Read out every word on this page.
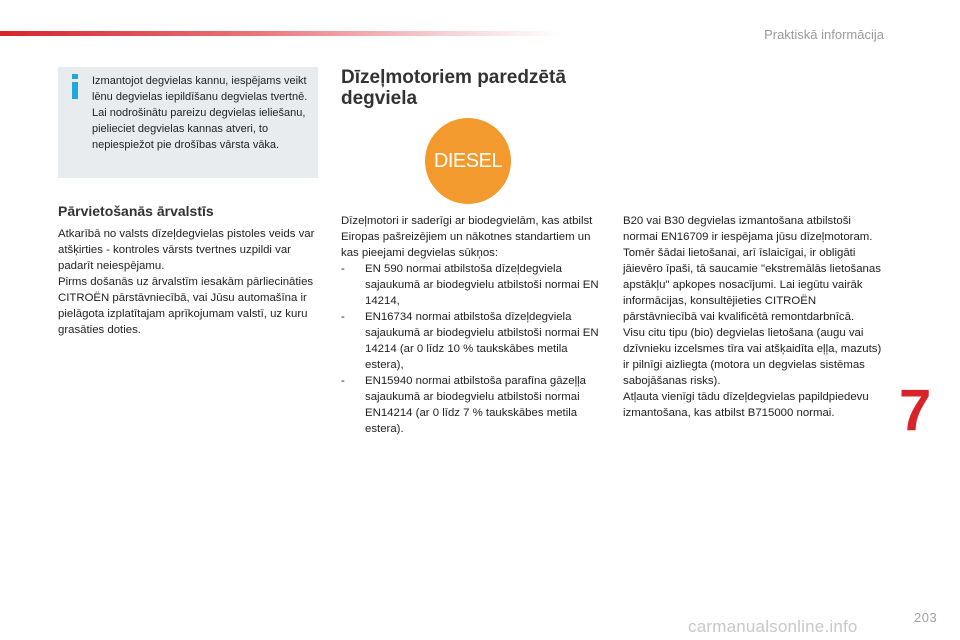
Praktiskā informācija

Izmantojot degvielas kannu, iespējams veikt lēnu degvielas iepildīšanu degvielas tvertnē.

Lai nodrošinātu pareizu degvielas ieliešanu, pielieciet degvielas kannas atveri, to nepiespiežot pie drošības vārsta vāka.

Pārvietošanās ārvalstīs

Atkarībā no valsts dīzeļdegvielas pistoles veids var atšķirties - kontroles vārsts tvertnes uzpildi var padarīt neiespējamu.

Pirms došanās uz ārvalstīm iesakām pārliecināties CITROËN pārstāvniecībā, vai Jūsu automašīna ir pielāgota izplatītajam aprīkojumam valstī, uz kuru grasāties doties.

Dīzeļmotoriem paredzētā
degviela
DIESEL

Dīzeļmotori ir saderīgi ar biodegvielām, kas atbilst Eiropas pašreizējiem un nākotnes standartiem un kas pieejami degvielas sūkņos:

- EN 590 normai atbilstoša dīzeļdegviela sajaukumā ar biodegvielu atbilstoši normai EN 14214,
- EN16734 normai atbilstoša dīzeļdegviela sajaukumā ar biodegvielu atbilstoši normai EN 14214 (ar 0 līdz 10 % taukskābes metila estera),
- EN15940 normai atbilstoša parafīna gāzeļļa sajaukumā ar biodegvielu atbilstoši normai EN14214 (ar 0 līdz 7 % taukskābes metila estera).

B20 vai B30 degvielas izmantošana atbilstoši normai EN16709 ir iespējama jūsu dīzeļmotoram. Tomēr šādai lietošanai, arī īslaicīgai, ir obligāti jāievēro īpaši, tā saucamie "ekstremālās lietošanas apstākļu" apkopes nosacījumi. Lai iegūtu vairāk informācijas, konsultējieties CITROËN pārstāvniecībā vai kvalificētā remontdarbnīcā.

Visu citu tipu (bio) degvielas lietošana (augu vai dzīvnieku izcelsmes tīra vai atšķaidīta eļļa, mazuts) ir pilnīgi aizliegta (motora un degvielas sistēmas sabojāšanas risks).

Atļauta vienīgi tādu dīzeļdegvielas papildpiedevu izmantošana, kas atbilst B715000 normai.	7
203
carmanualsonline.info
